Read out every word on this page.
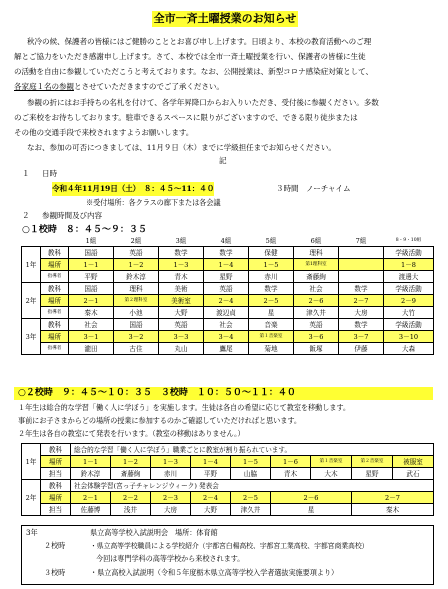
全市一斉土曜授業のお知らせ
秋冷の候、保護者の皆様にはご健勝のこととお喜び申し上げます。日頃より、本校の教育活動へのご理
解とご協力をいただき感謝申し上げます。さて、本校では全市一斉土曜授業を行い、保護者の皆様に生徒
の活動を自由に参観していただこうと考えております。なお、公開授業は、新型コロナ感染症対策として、
各家庭１名の参観とさせていただきますのでご了承ください。
参観の折にはお手持ちの名札を付けて、各学年昇降口からお入りいただき、受付後に参観ください。多数
のご来校をお待ちしております。駐車できるスペースに限りがございますので、できる限り徒歩または
その他の交通手段で来校されますようお願いします。
なお、参加の可否につきましては、11月９日（木）までに学級担任までお知らせください。
記
１ 日時
令和４年11月19日（土）　８：４５～11：４０	３時間　ノーチャイム
※受付場所：各クラスの廊下または各会議
２ 参観時間及び内容
○１校時　８：４５～９：３５
		1組	2組	3組	4組	5組	6組	7組	8・9・10組
1年	教科	国語	英語	数学	数学	保健	理科		学級活動
	場所	1－1	1－2	1－3	1－4	1－5	第1理科室		1－8
	指導者	平野	鈴木淳	青木	星野	赤川	斎藤絢		渡邊大
2年	教科	国語	理科	美術	英語	数学	社会	数学	学級活動
	場所	2－1	第２理科室	美術室	2－4	2－5	2－6	2－7	2－9
	指導者	秦木	小池	大野	渡辺貞	星	津久井	大房	大竹
3年	教科	社会	国語	英語	社会	音楽	英語	数学	学級活動
	場所	3－1	3－2	3－3	3－4	第１音楽室	3－6	3－7	3－10
	指導者	瀧田	古住	丸山	鷹尾	菊地	飯塚	伊藤	大森
○２校時　９：４５～１０：３５　３校時　１０：５０～１１：４０
１年生は総合的な学習「働く人に学ぼう」を実施します。生徒は各自の希望に応じて教室を移動します。
事前にお子さまからどの場所の授業に参加するのかご確認していただければと思います。
２年生は各自の教室にて発表を行います。（教室の移動はありません。）
1年	教科	総合的な学習「働く人に学ぼう」職業ごとに教室が割り振られています。								
	場所	1－1	1－2	1－3	1－4	1－5	1－6	第１音楽室	第２音楽室	被服室
	担当	鈴木淳	斎藤絢	赤川	平野	山脇	青木	大木	星野	武石
2年	教科	社会体験学習(宮っ子チャレンジウィーク) 発表会								
	場所	2－1	2－2	2－3	2－4	2－5	2－6		2－7	
	担当	佐藤博	浅井	大房	大野	津久井	星		秦木	
3年	県立高等学校入試説明会　場所：体育館
２校時	・県立高等学校職員による学校紹介（宇都宮白楊高校、宇都宮工業高校、宇都宮商業高校）
今回は専門学科の高等学校から来校されます。
３校時	・県立高校入試説明（令和５年度栃木県立高等学校入学者選抜実施要項より）
